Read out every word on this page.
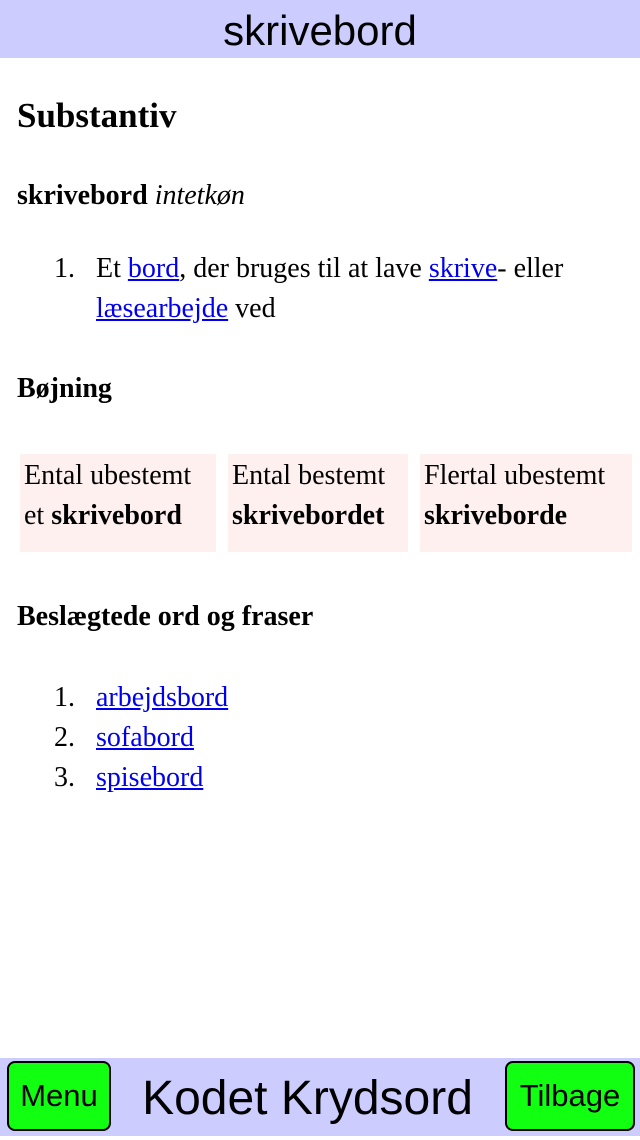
skrivebord
Substantiv
skrivebord intetkøn
1. Et bord, der bruges til at lave skrive- eller læsearbejde ved
Bøjning
Ental ubestemt
et skrivebord
Ental bestemt
skrivebordet
Flertal ubestemt
skriveborde
Beslægtede ord og fraser
1. arbejdsbord
2. sofabord
3. spisebord
Menu Kodet Krydsord	Tilbage
